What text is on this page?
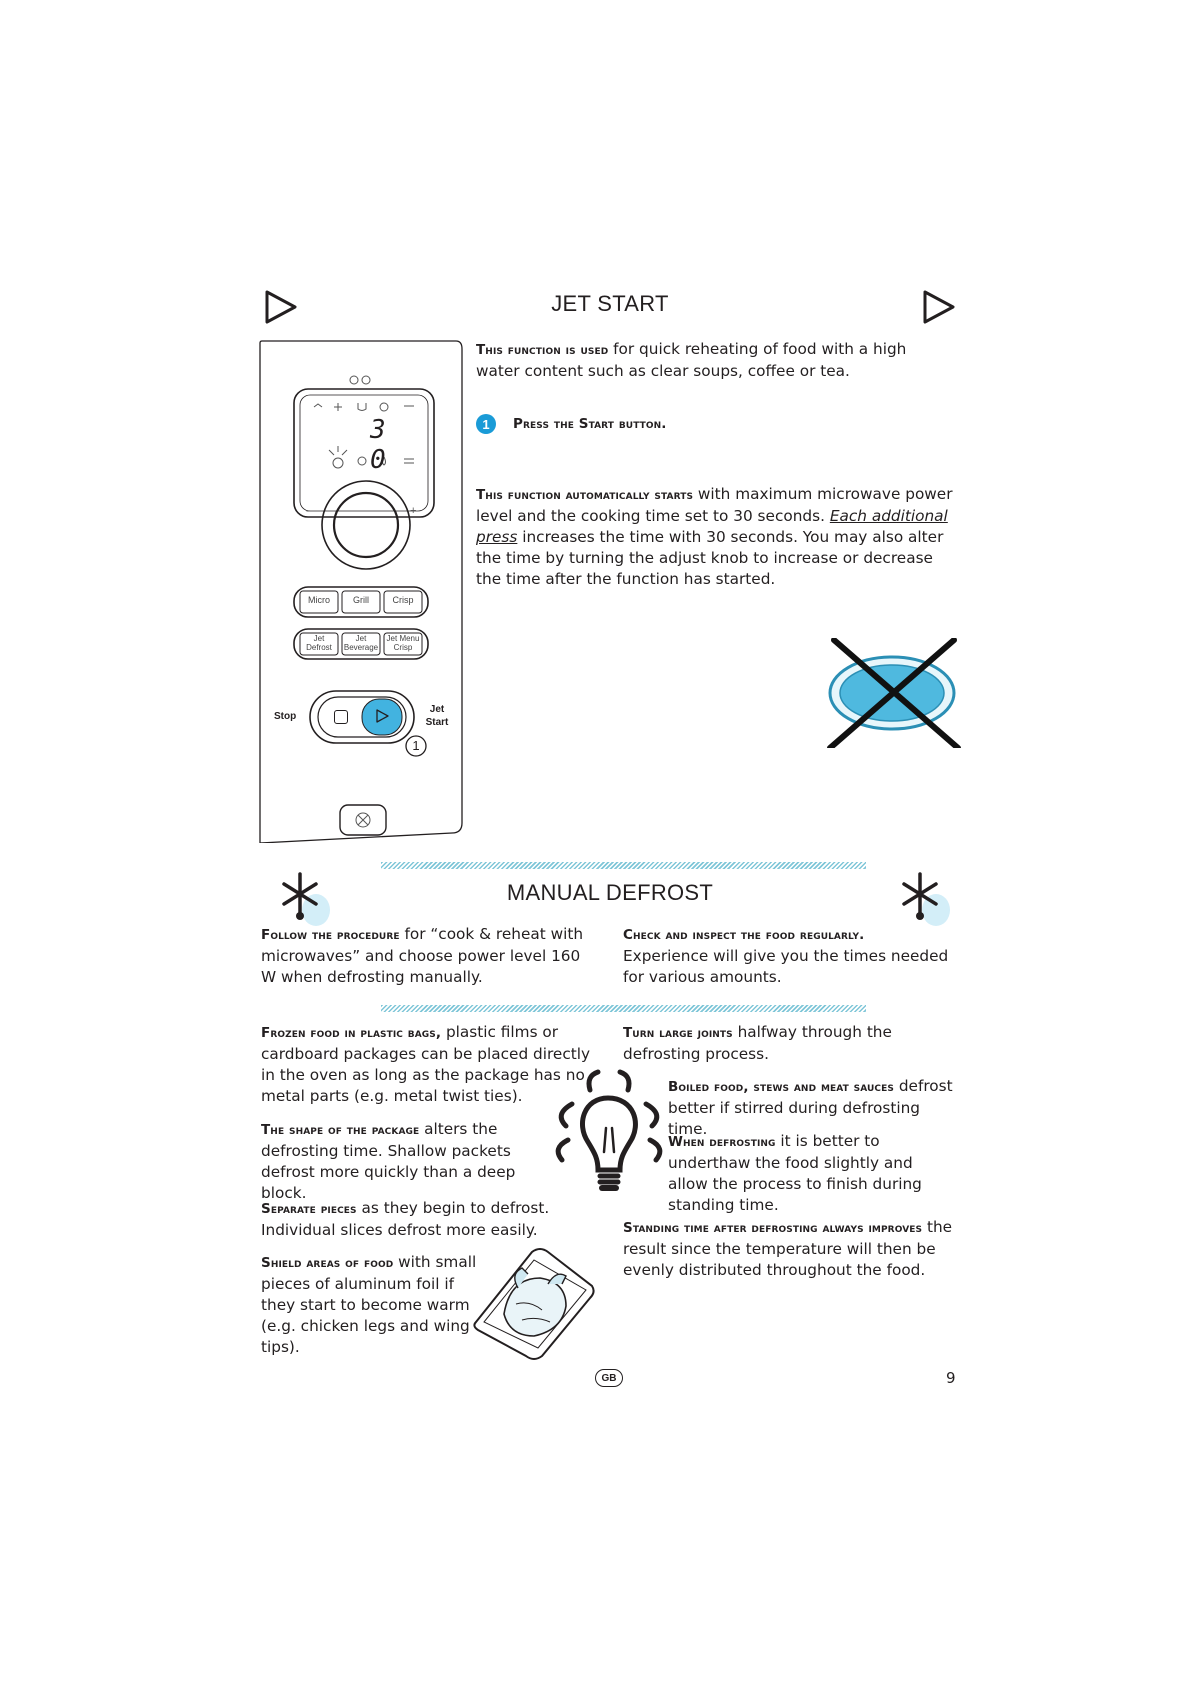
JET START
-	+
3 0
Micro	Grill	Crisp
Jet
Defrost
Jet
Beverage
Jet Menu
Crisp
Stop
Jet
Start
1
This function is used for quick reheating of food with a high water content such as clear soups, coffee or tea.
1	Press the Start button.
This function automatically starts with maximum microwave power level and the cooking time set to 30 seconds. Each additional press increases the time with 30 seconds. You may also alter the time by turning the adjust knob to increase or decrease the time after the function has started.
MANUAL DEFROST
Follow the procedure for “cook & reheat with microwaves” and choose power level 160 W when defrosting manually.
Check and inspect the food regularly. Experience will give you the times needed for various amounts.
Frozen food in plastic bags, plastic films or cardboard packages can be placed directly in the oven as long as the package has no metal parts (e.g. metal twist ties).
The shape of the package alters the defrosting time. Shallow packets defrost more quickly than a deep block.
Separate pieces as they begin to defrost. Individual slices defrost more easily.
Shield areas of food with small pieces of aluminum foil if they start to become warm (e.g. chicken legs and wing tips).
Turn large joints halfway through the defrosting process.
Boiled food, stews and meat sauces defrost better if stirred during defrosting time.
When defrosting it is better to underthaw the food slightly and allow the process to finish during standing time.
Standing time after defrosting always improves the result since the temperature will then be evenly distributed throughout the food.
GB	9
